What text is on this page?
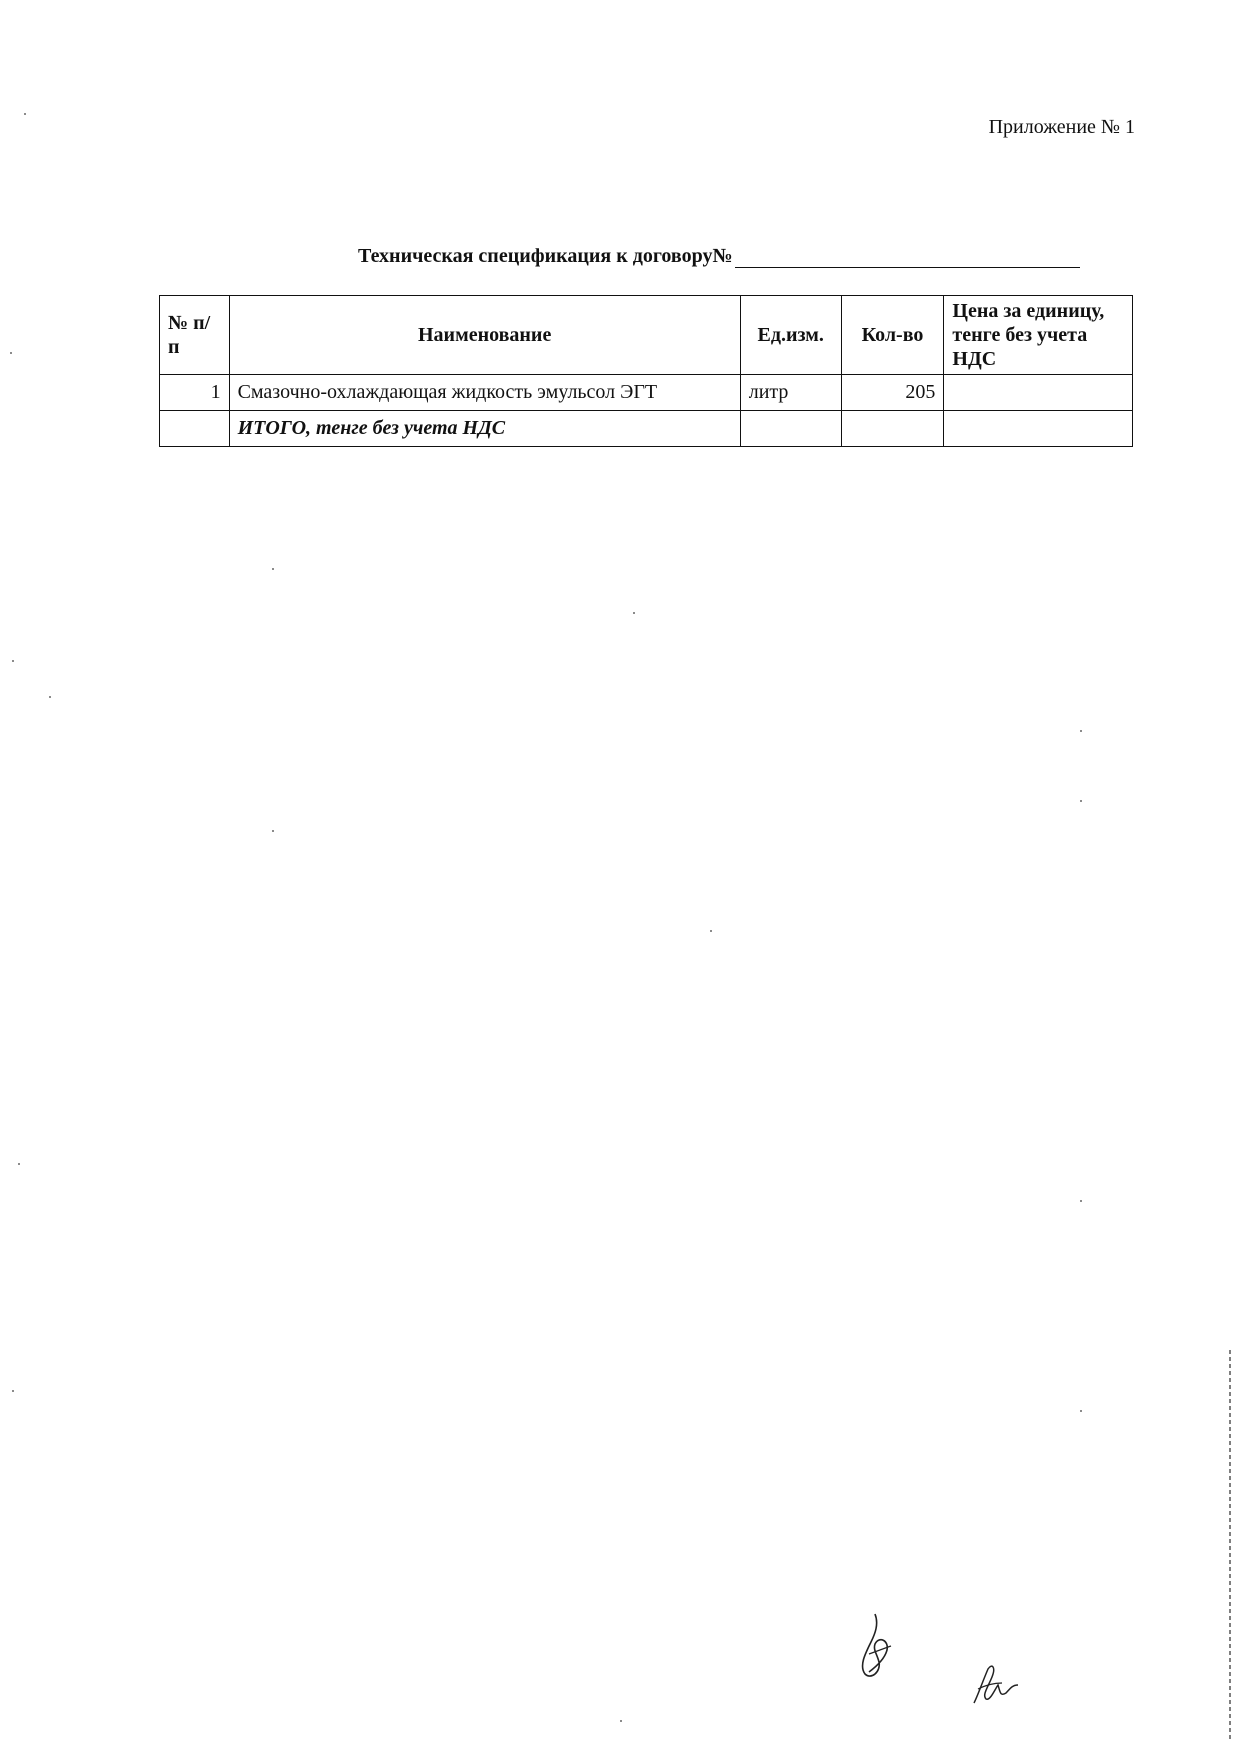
Приложение № 1
Техническая спецификация к договору№
№ п/п	Наименование	Ед.изм.	Кол-во	Цена за единицу, тенге без учета НДС
1	Смазочно-охлаждающая жидкость эмульсол ЭГТ	литр	205	
	ИТОГО, тенге без учета НДС			
